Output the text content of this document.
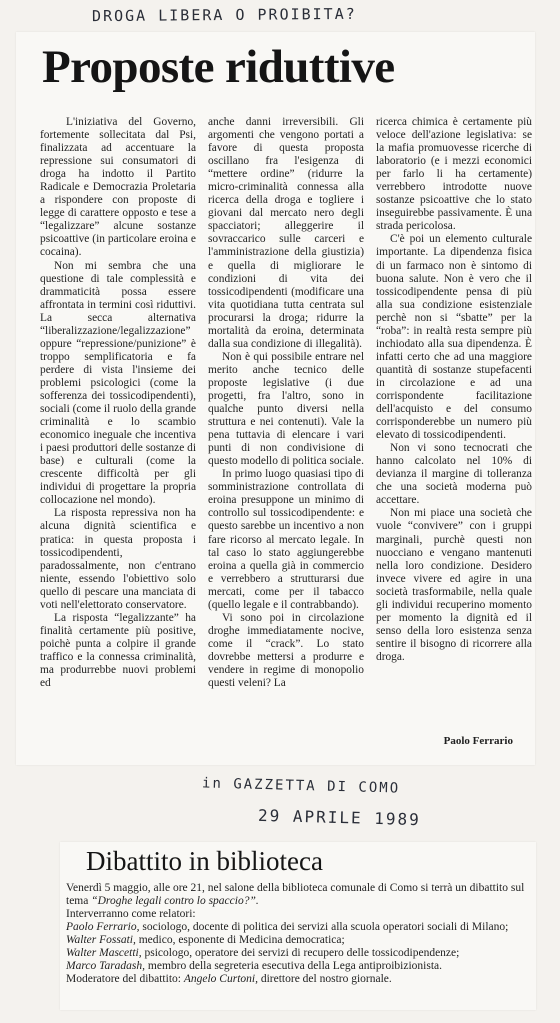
DROGA LIBERA O PROIBITA?
Proposte riduttive

L'iniziativa del Governo, fortemente sollecitata dal Psi, finalizzata ad accentuare la repressione sui consumatori di droga ha indotto il Partito Radicale e Democrazia Proletaria a rispondere con proposte di legge di carattere opposto e tese a “legalizzare” alcune sostanze psicoattive (in particolare eroina e cocaina).

Non mi sembra che una questione di tale complessità e drammaticità possa essere affrontata in termini così riduttivi. La secca alternativa “liberalizzazione/legalizzazione” oppure “repressione/punizione” è troppo semplificatoria e fa perdere di vista l'insieme dei problemi psicologici (come la sofferenza dei tossicodipendenti), sociali (come il ruolo della grande criminalità e lo scambio economico ineguale che incentiva i paesi produttori delle sostanze di base) e culturali (come la crescente difficoltà per gli individui di progettare la propria collocazione nel mondo).

La risposta repressiva non ha alcuna dignità scientifica e pratica: in questa proposta i tossicodipendenti, paradossalmente, non c'entrano niente, essendo l'obiettivo solo quello di pescare una manciata di voti nell'elettorato conservatore.

La risposta “legalizzante” ha finalità certamente più positive, poichè punta a colpire il grande traffico e la connessa criminalità, ma produrrebbe nuovi problemi ed

anche danni irreversibili. Gli argomenti che vengono portati a favore di questa proposta oscillano fra l'esigenza di “mettere ordine” (ridurre la micro-criminalità connessa alla ricerca della droga e togliere i giovani dal mercato nero degli spacciatori; alleggerire il sovraccarico sulle carceri e l'amministrazione della giustizia) e quella di migliorare le condizioni di vita dei tossicodipendenti (modificare una vita quotidiana tutta centrata sul procurarsi la droga; ridurre la mortalità da eroina, determinata dalla sua condizione di illegalità).

Non è qui possibile entrare nel merito anche tecnico delle proposte legislative (i due progetti, fra l'altro, sono in qualche punto diversi nella struttura e nei contenuti). Vale la pena tuttavia di elencare i vari punti di non condivisione di questo modello di politica sociale.

In primo luogo quasiasi tipo di somministrazione controllata di eroina presuppone un minimo di controllo sul tossicodipendente: e questo sarebbe un incentivo a non fare ricorso al mercato legale. In tal caso lo stato aggiungerebbe eroina a quella già in commercio e verrebbero a strutturarsi due mercati, come per il tabacco (quello legale e il contrabbando).

Vi sono poi in circolazione droghe immediatamente nocive, come il “crack”. Lo stato dovrebbe mettersi a produrre e vendere in regime di monopolio questi veleni? La

ricerca chimica è certamente più veloce dell'azione legislativa: se la mafia promuovesse ricerche di laboratorio (e i mezzi economici per farlo li ha certamente) verrebbero introdotte nuove sostanze psicoattive che lo stato inseguirebbe passivamente. È una strada pericolosa.

C'è poi un elemento culturale importante. La dipendenza fisica di un farmaco non è sintomo di buona salute. Non è vero che il tossicodipendente pensa di più alla sua condizione esistenziale perchè non si “sbatte” per la “roba”: in realtà resta sempre più inchiodato alla sua dipendenza. È infatti certo che ad una maggiore quantità di sostanze stupefacenti in circolazione e ad una corrispondente facilitazione dell'acquisto e del consumo corrisponderebbe un numero più elevato di tossicodipendenti.

Non vi sono tecnocrati che hanno calcolato nel 10% di devianza il margine di tolleranza che una società moderna può accettare.

Non mi piace una società che vuole “convivere” con i gruppi marginali, purchè questi non nuocciano e vengano mantenuti nella loro condizione. Desidero invece vivere ed agire in una società trasformabile, nella quale gli individui recuperino momento per momento la dignità ed il senso della loro esistenza senza sentire il bisogno di ricorrere alla droga.

Paolo Ferrario

in GAZZETTA DI COMO
29 APRILE 1989
Dibattito in biblioteca

Venerdì 5 maggio, alle ore 21, nel salone della biblioteca comunale di Como si terrà un dibattito sul tema “Droghe legali contro lo spaccio?”.

Interverranno come relatori:

Paolo Ferrario, sociologo, docente di politica dei servizi alla scuola operatori sociali di Milano;

Walter Fossati, medico, esponente di Medicina democratica;

Walter Mascetti, psicologo, operatore dei servizi di recupero delle tossicodipendenze;

Marco Taradash, membro della segreteria esecutiva della Lega antiproibizionista.

Moderatore del dibattito: Angelo Curtoni, direttore del nostro giornale.
